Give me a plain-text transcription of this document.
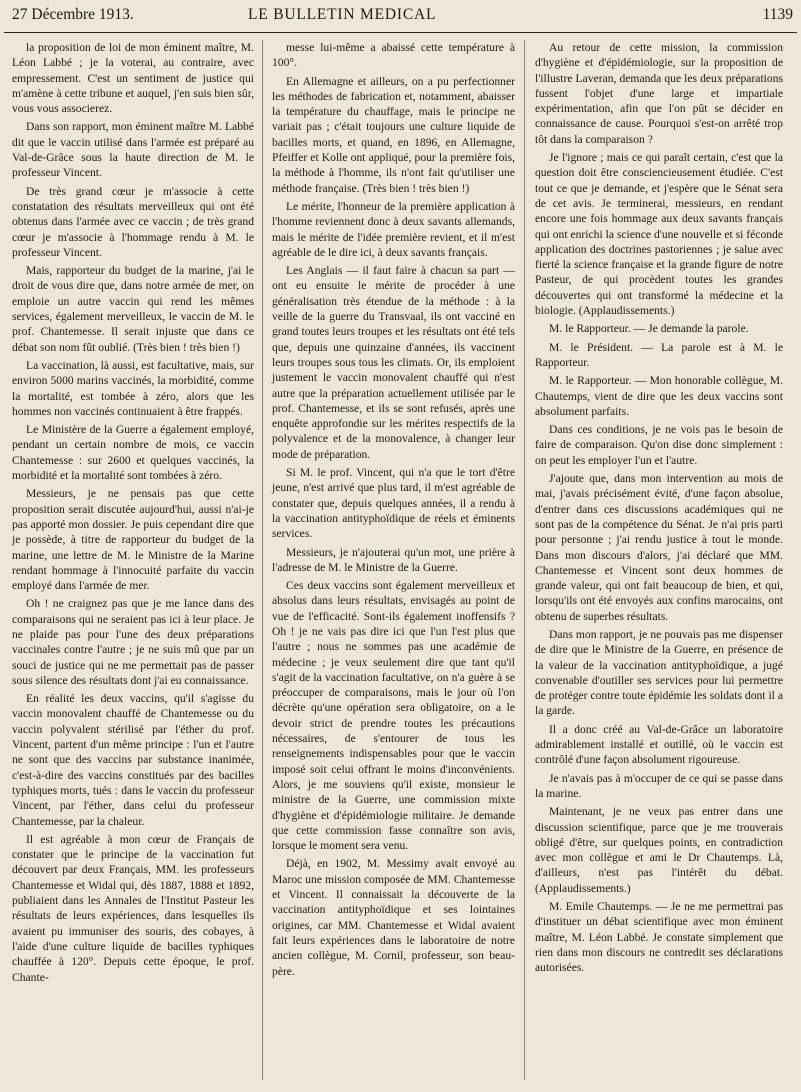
27 Décembre 1913.	LE BULLETIN MEDICAL	1139

la proposition de loi de mon éminent maître, M. Léon Labbé ; je la voterai, au contraire, avec empressement. C'est un sentiment de justice qui m'amène à cette tribune et auquel, j'en suis bien sûr, vous vous associerez.

Dans son rapport, mon éminent maître M. Labbé dit que le vaccin utilisé dans l'armée est préparé au Val-de-Grâce sous la haute direction de M. le professeur Vincent.

De très grand cœur je m'associe à cette constatation des résultats merveilleux qui ont été obtenus dans l'armée avec ce vaccin ; de très grand cœur je m'associe à l'hommage rendu à M. le professeur Vincent.

Mais, rapporteur du budget de la marine, j'ai le droit de vous dire que, dans notre armée de mer, on emploie un autre vaccin qui rend les mêmes services, également merveilleux, le vaccin de M. le prof. Chantemesse. Il serait injuste que dans ce débat son nom fût oublié. (Très bien ! très bien !)

La vaccination, là aussi, est facultative, mais, sur environ 5000 marins vaccinés, la morbidité, comme la mortalité, est tombée à zéro, alors que les hommes non vaccinés continuaient à être frappés.

Le Ministère de la Guerre a également employé, pendant un certain nombre de mois, ce vaccin Chantemesse : sur 2600 et quelques vaccinés, la morbidité et la mortalité sont tombées à zéro.

Messieurs, je ne pensais pas que cette proposition serait discutée aujourd'hui, aussi n'ai-je pas apporté mon dossier. Je puis cependant dire que je possède, à titre de rapporteur du budget de la marine, une lettre de M. le Ministre de la Marine rendant hommage à l'innocuité parfaite du vaccin employé dans l'armée de mer.

Oh ! ne craignez pas que je me lance dans des comparaisons qui ne seraient pas ici à leur place. Je ne plaide pas pour l'une des deux préparations vaccinales contre l'autre ; je ne suis mû que par un souci de justice qui ne me permettait pas de passer sous silence des résultats dont j'ai eu connaissance.

En réalité les deux vaccins, qu'il s'agisse du vaccin monovalent chauffé de Chantemesse ou du vaccin polyvalent stérilisé par l'éther du prof. Vincent, partent d'un même principe : l'un et l'autre ne sont que des vaccins par substance inanimée, c'est-à-dire des vaccins constitués par des bacilles typhiques morts, tués : dans le vaccin du professeur Vincent, par l'éther, dans celui du professeur Chantemesse, par la chaleur.

Il est agréable à mon cœur de Français de constater que le principe de la vaccination fut découvert par deux Français, MM. les professeurs Chantemesse et Widal qui, dès 1887, 1888 et 1892, publiaient dans les Annales de l'Institut Pasteur les résultats de leurs expériences, dans lesquelles ils avaient pu immuniser des souris, des cobayes, à l'aide d'une culture liquide de bacilles typhiques chauffée à 120°. Depuis cette époque, le prof. Chante-

messe lui-même a abaissé cette température à 100°.

En Allemagne et ailleurs, on a pu perfectionner les méthodes de fabrication et, notamment, abaisser la température du chauffage, mais le principe ne variait pas ; c'était toujours une culture liquide de bacilles morts, et quand, en 1896, en Allemagne, Pfeiffer et Kolle ont appliqué, pour la première fois, la méthode à l'homme, ils n'ont fait qu'utiliser une méthode française. (Très bien ! très bien !)

Le mérite, l'honneur de la première application à l'homme reviennent donc à deux savants allemands, mais le mérite de l'idée première revient, et il m'est agréable de le dire ici, à deux savants français.

Les Anglais — il faut faire à chacun sa part — ont eu ensuite le mérite de procéder à une généralisation très étendue de la méthode : à la veille de la guerre du Transvaal, ils ont vacciné en grand toutes leurs troupes et les résultats ont été tels que, depuis une quinzaine d'années, ils vaccinent leurs troupes sous tous les climats. Or, ils emploient justement le vaccin monovalent chauffé qui n'est autre que la préparation actuellement utilisée par le prof. Chantemesse, et ils se sont refusés, après une enquête approfondie sur les mérites respectifs de la polyvalence et de la monovalence, à changer leur mode de préparation.

Si M. le prof. Vincent, qui n'a que le tort d'être jeune, n'est arrivé que plus tard, il m'est agréable de constater que, depuis quelques années, il a rendu à la vaccination antityphoïdique de réels et éminents services.

Messieurs, je n'ajouterai qu'un mot, une prière à l'adresse de M. le Ministre de la Guerre.

Ces deux vaccins sont également merveilleux et absolus dans leurs résultats, envisagés au point de vue de l'efficacité. Sont-ils également inoffensifs ? Oh ! je ne vais pas dire ici que l'un l'est plus que l'autre ; nous ne sommes pas une académie de médecine ; je veux seulement dire que tant qu'il s'agit de la vaccination facultative, on n'a guère à se préoccuper de comparaisons, mais le jour où l'on décrète qu'une opération sera obligatoire, on a le devoir strict de prendre toutes les précautions nécessaires, de s'entourer de tous les renseignements indispensables pour que le vaccin imposé soit celui offrant le moins d'inconvénients. Alors, je me souviens qu'il existe, monsieur le ministre de la Guerre, une commission mixte d'hygiène et d'épidémiologie militaire. Je demande que cette commission fasse connaître son avis, lorsque le moment sera venu.

Déjà, en 1902, M. Messimy avait envoyé au Maroc une mission composée de MM. Chantemesse et Vincent. Il connaissait la découverte de la vaccination antityphoïdique et ses lointaines origines, car MM. Chantemesse et Widal avaient fait leurs expériences dans le laboratoire de notre ancien collègue, M. Cornil, professeur, son beau-père.

Au retour de cette mission, la commission d'hygiène et d'épidémiologie, sur la proposition de l'illustre Laveran, demanda que les deux préparations fussent l'objet d'une large et impartiale expérimentation, afin que l'on pût se décider en connaissance de cause. Pourquoi s'est-on arrêté trop tôt dans la comparaison ?

Je l'ignore ; mais ce qui paraît certain, c'est que la question doit être consciencieusement étudiée. C'est tout ce que je demande, et j'espère que le Sénat sera de cet avis. Je terminerai, messieurs, en rendant encore une fois hommage aux deux savants français qui ont enrichi la science d'une nouvelle et si féconde application des doctrines pastoriennes ; je salue avec fierté la science française et la grande figure de notre Pasteur, de qui procèdent toutes les grandes découvertes qui ont transformé la médecine et la biologie. (Applaudissements.)

M. le Rapporteur. — Je demande la parole.

M. le Président. — La parole est à M. le Rapporteur.

M. le Rapporteur. — Mon honorable collègue, M. Chautemps, vient de dire que les deux vaccins sont absolument parfaits.

Dans ces conditions, je ne vois pas le besoin de faire de comparaison. Qu'on dise donc simplement : on peut les employer l'un et l'autre.

J'ajoute que, dans mon intervention au mois de mai, j'avais précisément évité, d'une façon absolue, d'entrer dans ces discussions académiques qui ne sont pas de la compétence du Sénat. Je n'ai pris parti pour personne ; j'ai rendu justice à tout le monde. Dans mon discours d'alors, j'ai déclaré que MM. Chantemesse et Vincent sont deux hommes de grande valeur, qui ont fait beaucoup de bien, et qui, lorsqu'ils ont été envoyés aux confins marocains, ont obtenu de superbes résultats.

Dans mon rapport, je ne pouvais pas me dispenser de dire que le Ministre de la Guerre, en présence de la valeur de la vaccination antityphoïdique, a jugé convenable d'outiller ses services pour lui permettre de protéger contre toute épidémie les soldats dont il a la garde.

Il a donc créé au Val-de-Grâce un laboratoire admirablement installé et outillé, où le vaccin est contrôlé d'une façon absolument rigoureuse.

Je n'avais pas à m'occuper de ce qui se passe dans la marine.

Maintenant, je ne veux pas entrer dans une discussion scientifique, parce que je me trouverais obligé d'être, sur quelques points, en contradiction avec mon collègue et ami le Dr Chautemps. Là, d'ailleurs, n'est pas l'intérêt du débat. (Applaudissements.)

M. Emile Chautemps. — Je ne me permettrai pas d'instituer un débat scientifique avec mon éminent maître, M. Léon Labbé. Je constate simplement que rien dans mon discours ne contredit ses déclarations autorisées.
